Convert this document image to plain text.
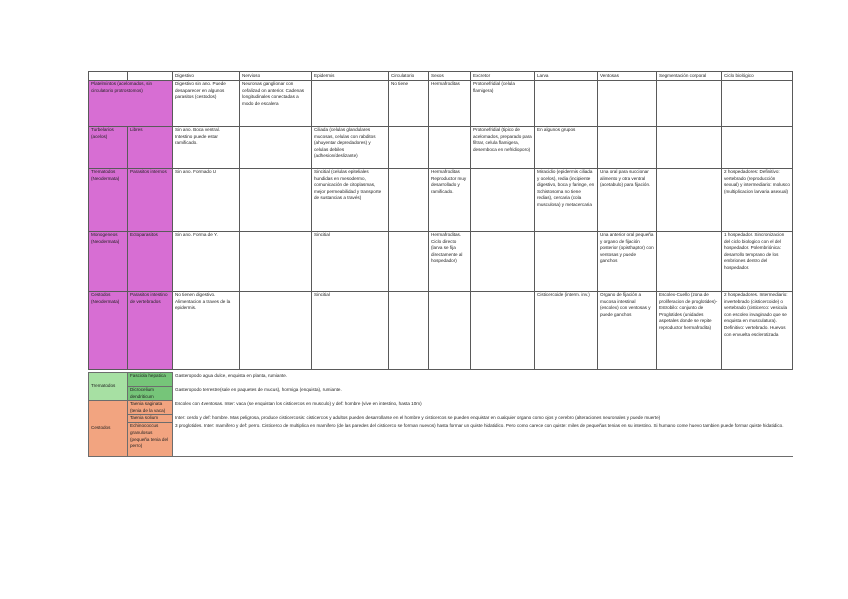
		Digestivo	Nervioso	Epidermis	Circulatorio	Sexos	Excretor	Larva	Ventosas	Segmentación corporal	Ciclo biológico
Platelmintos (acelomados, sin circulatorio protrostomos)		Digestivo sin ano. Puede desaparecer en algunos parasitos (cestodos)	Neuronas ganglionar con cefalizad on anterior. Cadenas longitudinales conectadas a modo de escalera		No tiene	Hermafroditas	Protonefridial (celula flamigera)				
Turbelarios (acelos)	Libres	Sin ano. Boca ventral. Intestino puede estar ramificado.		Ciliada (celulas glandulares mucosas, celulas con rabditos (ahuyentar depredadores) y celulas debiles (adhesion/deslizante)			Protonefridial (tipico de acelomados, preparado para filtrar, celula flamigera, desemboca en nefridioporo)	En algunos grupos			
Trematodos (Neodermata)	Parasitos internos	Sin ano. Formado U		Sincitial (celulas epiteliales hundidas en mesodermo, comunicación de citoplasmas, mejor permeabilidad y transporte de sustancias a través)		Hermafroditas Reproductor muy desarrollado y ramificado.		Miracidio (epidermis ciliada y ocelos), redia (incipiente digestivo, boca y faringe, en Schistosoma no tiene redias), cercaria (cola musculosa) y metacercaria	Una oral para succionar alimento y otra ventral (acetabulo) para fijación.		2 hospedadores: Definitivo: vertebrado (reproducción sexual) y intermediario: molusco (multiplicacion larvaria asexual)
Monogeneos (Neodermata)	Ectoparasitos	Sin ano. Forma de Y.		Sincitial		Hermafroditas. Ciclo directo (larva se fija directamente al hospedador)			Una anterior oral pequeña y organo de fijación posterior (opisthaptor) con ventosas y puede ganchos		1 hospedador. Sincronizacion del ciclo biologico con el del hospedador. Polembriónica: desarrollo temprano de los embriones dentro del hospedador.
Cestodos (Neodermata)	Parasitos intestino de vertebrados	No tienen digestivo. Alimentacion a traves de la epidermis.		Sincitial				Cisticercoide (interm. inv.)	Organo de fijación a mucosa intestinal (escolex) con ventosas y puede ganchos	Escolex-Cuello (zona de proliferacion de proglotides)-Estrobilo: conjunto de Proglotides (unidades aspetales donde se repite reproductor hermafrodita)	2 hospedadores. Intermediario: invertebrado (cisticercoide) o vertebrado (cisticerco: vesicula con escolex invaginado que se enquista en musculatura). Definitivo: vertebrado. Huevos con envuelta esclerotizada
Trematodos	Fasciola hepatica	Gasteropodo agua dulce, enquista en planta, rumiante.
	Dicrocelium dendriticum	Gasteropodo terrestre(sale en paquetes de mucus), hormiga (enquista), rumiante.
Cestodos	Taenia saginata (tenia de la vaca)	Escolex con 4ventosas. Inter: vaca (se enquistan los cisticercos en musculo) y def: hombre (vive en intestino, hasta 10m)
	Taenia solium	Inter: cerdo y def: hombre. Mas peligrosa, produce cisticercosis: cisticercos y adultos pueden desarrollarse en el hombre y cisticercos se pueden enquistar en cualquier organo como ojos y cerebro (alteraciones neuronales y puede muerte)
	Echinococcus granulosus (pequeña tenia del perro)	3 proglotides. Inter: mamifero y def: perro. Cisticerco de multiplica en mamifero (de las paredes del cisticerco se forman nuevos) hasta formar un quiste hidatidico. Pero como carece con quiste: miles de pequeñas tenias en su intestino. Si humano come huevo tambien puede formar quiste hidatidico.
